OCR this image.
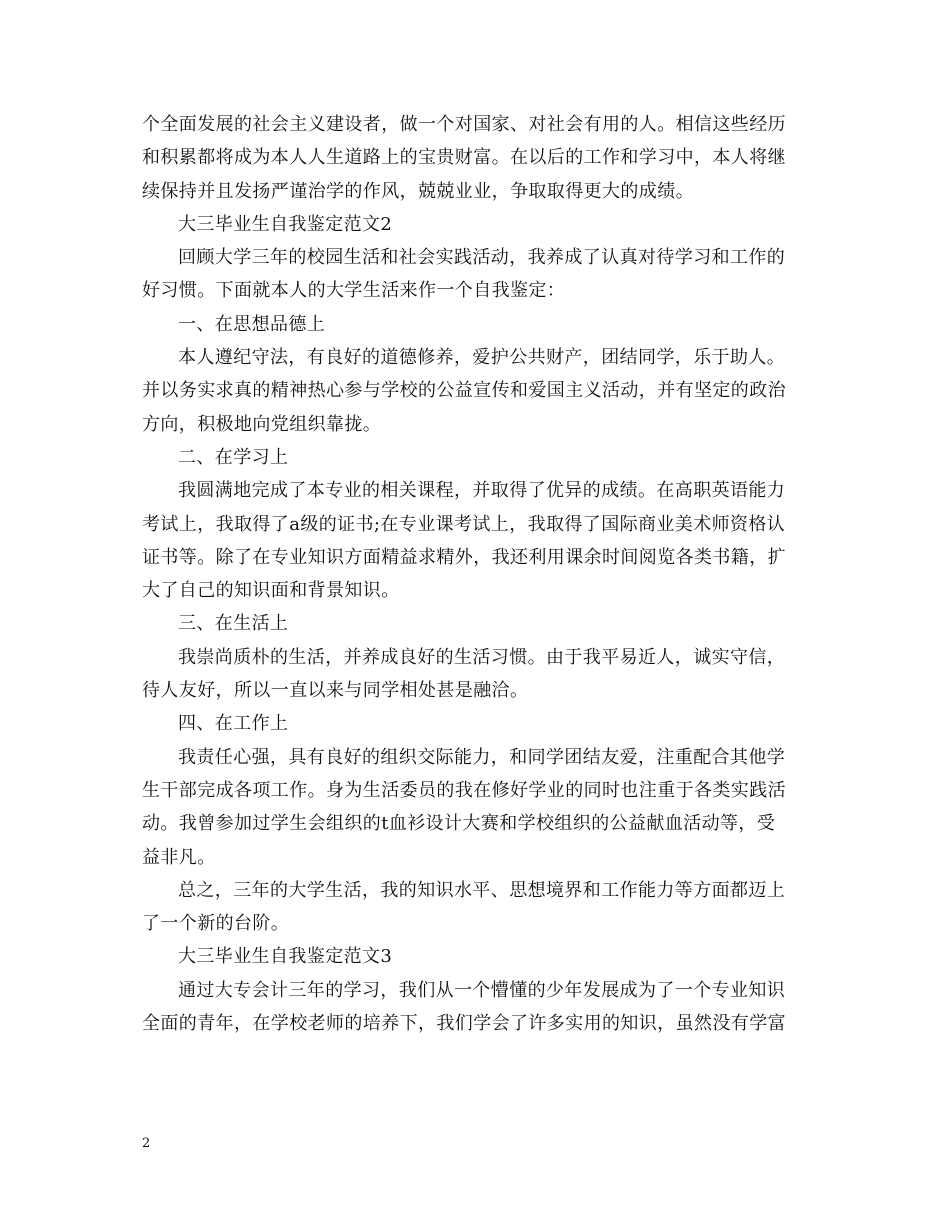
个全面发展的社会主义建设者，做一个对国家、对社会有用的人。相信这些经历
和积累都将成为本人人生道路上的宝贵财富。在以后的工作和学习中，本人将继
续保持并且发扬严谨治学的作风，兢兢业业，争取取得更大的成绩。
大三毕业生自我鉴定范文2
回顾大学三年的校园生活和社会实践活动，我养成了认真对待学习和工作的
好习惯。下面就本人的大学生活来作一个自我鉴定：
一、在思想品德上
本人遵纪守法，有良好的道德修养，爱护公共财产，团结同学，乐于助人。
并以务实求真的精神热心参与学校的公益宣传和爱国主义活动，并有坚定的政治
方向，积极地向党组织靠拢。
二、在学习上
我圆满地完成了本专业的相关课程，并取得了优异的成绩。在高职英语能力
考试上，我取得了a级的证书;在专业课考试上，我取得了国际商业美术师资格认
证书等。除了在专业知识方面精益求精外，我还利用课余时间阅览各类书籍，扩
大了自己的知识面和背景知识。
三、在生活上
我崇尚质朴的生活，并养成良好的生活习惯。由于我平易近人，诚实守信，
待人友好，所以一直以来与同学相处甚是融洽。
四、在工作上
我责任心强，具有良好的组织交际能力，和同学团结友爱，注重配合其他学
生干部完成各项工作。身为生活委员的我在修好学业的同时也注重于各类实践活
动。我曾参加过学生会组织的t血衫设计大赛和学校组织的公益献血活动等，受
益非凡。
总之，三年的大学生活，我的知识水平、思想境界和工作能力等方面都迈上
了一个新的台阶。
大三毕业生自我鉴定范文3
通过大专会计三年的学习，我们从一个懵懂的少年发展成为了一个专业知识
全面的青年，在学校老师的培养下，我们学会了许多实用的知识，虽然没有学富
2
